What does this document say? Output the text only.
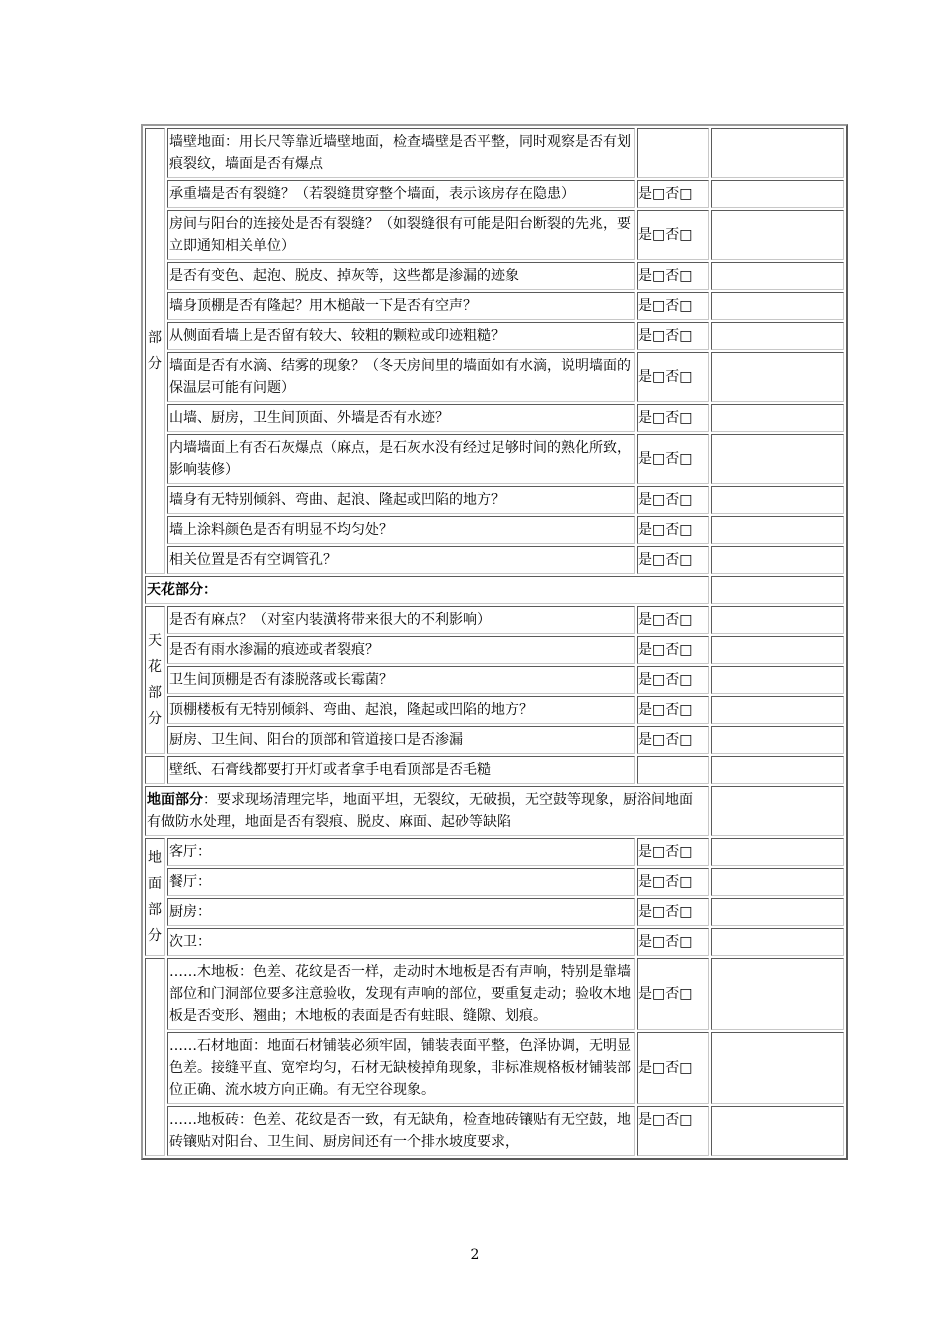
部
分	墙壁地面：用长尺等靠近墙壁地面，检查墙壁是否平整，同时观察是否有划痕裂纹，墙面是否有爆点		
	承重墙是否有裂缝？（若裂缝贯穿整个墙面，表示该房存在隐患）	是□否□	
	房间与阳台的连接处是否有裂缝？（如裂缝很有可能是阳台断裂的先兆，要立即通知相关单位）	是□否□	
	是否有变色、起泡、脱皮、掉灰等，这些都是渗漏的迹象	是□否□	
	墙身顶棚是否有隆起？用木槌敲一下是否有空声？	是□否□	
	从侧面看墙上是否留有较大、较粗的颗粒或印迹粗糙？	是□否□	
	墙面是否有水滴、结雾的现象？（冬天房间里的墙面如有水滴，说明墙面的保温层可能有问题）	是□否□	
	山墙、厨房，卫生间顶面、外墙是否有水迹？	是□否□	
	内墙墙面上有否石灰爆点（麻点，是石灰水没有经过足够时间的熟化所致，影响装修）	是□否□	
	墙身有无特别倾斜、弯曲、起浪、隆起或凹陷的地方？	是□否□	
	墙上涂料颜色是否有明显不均匀处？	是□否□	
	相关位置是否有空调管孔？	是□否□	
天花部分：			

天
花
部
分	是否有麻点？（对室内装潢将带来很大的不利影响）	是□否□	
	是否有雨水渗漏的痕迹或者裂痕？	是□否□	
	卫生间顶棚是否有漆脱落或长霉菌？	是□否□	
	顶棚楼板有无特别倾斜、弯曲、起浪，隆起或凹陷的地方？	是□否□	
	厨房、卫生间、阳台的顶部和管道接口是否渗漏	是□否□	
	壁纸、石膏线都要打开灯或者拿手电看顶部是否毛糙		
地面部分：要求现场清理完毕，地面平坦，无裂纹，无破损，无空鼓等现象，厨浴间地面有做防水处理，地面是否有裂痕、脱皮、麻面、起砂等缺陷			

地
面
部
分	客厅：	是□否□	
	餐厅：	是□否□	
	厨房：	是□否□	
	次卫：	是□否□	
	……木地板：色差、花纹是否一样，走动时木地板是否有声响，特别是靠墙部位和门洞部位要多注意验收，发现有声响的部位，要重复走动；验收木地板是否变形、翘曲；木地板的表面是否有蛀眼、缝隙、划痕。	是□否□	
	……石材地面：地面石材铺装必须牢固，铺装表面平整，色泽协调，无明显色差。接缝平直、宽窄均匀，石材无缺棱掉角现象，非标准规格板材铺装部位正确、流水坡方向正确。有无空谷现象。	是□否□	
	……地板砖：色差、花纹是否一致，有无缺角，检查地砖镶贴有无空鼓，地砖镶贴对阳台、卫生间、厨房间还有一个排水坡度要求，	是□否□	
2
